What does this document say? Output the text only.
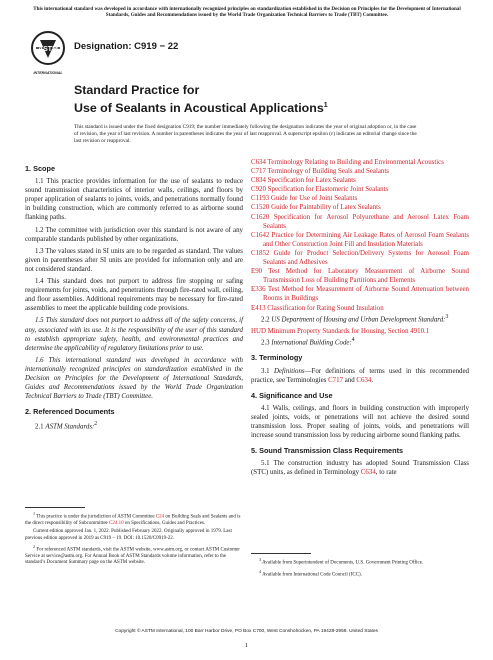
This international standard was developed in accordance with internationally recognized principles on standardization established in the Decision on Principles for the Development of International Standards, Guides and Recommendations issued by the World Trade Organization Technical Barriers to Trade (TBT) Committee.
ASTM
INTERNATIONAL
Designation: C919 − 22
Standard Practice for
Use of Sealants in Acoustical Applications$^1$
This standard is issued under the fixed designation C919; the number immediately following the designation indicates the year of original adoption or, in the case of revision, the year of last revision. A number in parentheses indicates the year of last reapproval. A superscript epsilon (ε) indicates an editorial change since the last revision or reapproval.
1. Scope
1.1 This practice provides information for the use of sealants to reduce sound transmission characteristics of interior walls, ceilings, and floors by proper application of sealants to joints, voids, and penetrations normally found in building construction, which are commonly referred to as airborne sound flanking paths.
1.2 The committee with jurisdiction over this standard is not aware of any comparable standards published by other organizations.
1.3 The values stated in SI units are to be regarded as standard. The values given in parentheses after SI units are provided for information only and are not considered standard.
1.4 This standard does not purport to address fire stopping or safing requirements for joints, voids, and penetrations through fire-rated wall, ceiling, and floor assemblies. Additional requirements may be necessary for fire-rated assemblies to meet the applicable building code provisions.
1.5 This standard does not purport to address all of the safety concerns, if any, associated with its use. It is the responsibility of the user of this standard to establish appropriate safety, health, and environmental practices and determine the applicability of regulatory limitations prior to use.
1.6 This international standard was developed in accordance with internationally recognized principles on standardization established in the Decision on Principles for the Development of International Standards, Guides and Recommendations issued by the World Trade Organization Technical Barriers to Trade (TBT) Committee.
2. Referenced Documents
2.1 ASTM Standards:$^2$
C634 Terminology Relating to Building and Environmental Acoustics
C717 Terminology of Building Seals and Sealants
C834 Specification for Latex Sealants
C920 Specification for Elastomeric Joint Sealants
C1193 Guide for Use of Joint Sealants
C1520 Guide for Paintability of Latex Sealants
C1620 Specification for Aerosol Polyurethane and Aerosol Latex Foam Sealants
C1642 Practice for Determining Air Leakage Rates of Aerosol Foam Sealants and Other Construction Joint Fill and Insulation Materials
C1852 Guide for Product Selection/Delivery Systems for Aerosol Foam Sealants and Adhesives
E90 Test Method for Laboratory Measurement of Airborne Sound Transmission Loss of Building Partitions and Elements
E336 Test Method for Measurement of Airborne Sound Attenuation between Rooms in Buildings
E413 Classification for Rating Sound Insulation
2.2 US Department of Housing and Urban Development Standard:$^3$
HUD Minimum Property Standards for Housing, Section 4910.1
2.3 International Building Code:$^4$
3. Terminology
3.1 Definitions—For definitions of terms used in this recommended practice, see Terminologies C717 and C634.
4. Significance and Use
4.1 Walls, ceilings, and floors in building construction with improperly sealed joints, voids, or penetrations will not achieve the desired sound transmission loss. Proper sealing of joints, voids, and penetrations will increase sound transmission loss by reducing airborne sound flanking paths.
5. Sound Transmission Class Requirements
5.1 The construction industry has adopted Sound Transmission Class (STC) units, as defined in Terminology C634, to rate
$^1$ This practice is under the jurisdiction of ASTM Committee C24 on Building Seals and Sealants and is the direct responsibility of Subcommittee C24.10 on Specifications, Guides and Practices.
Current edition approved Jan. 1, 2022. Published February 2022. Originally approved in 1979. Last previous edition approved in 2019 as C919 – 19. DOI: 10.1520/C0919-22.
$^2$ For referenced ASTM standards, visit the ASTM website, www.astm.org, or contact ASTM Customer Service at service@astm.org. For Annual Book of ASTM Standards volume information, refer to the standard’s Document Summary page on the ASTM website.
$^3$ Available from Superintendent of Documents, U.S. Government Printing Office.
$^4$ Available from International Code Council (ICC).
Copyright © ASTM International, 100 Barr Harbor Drive, PO Box C700, West Conshohocken, PA 19428-2959. United States
1
